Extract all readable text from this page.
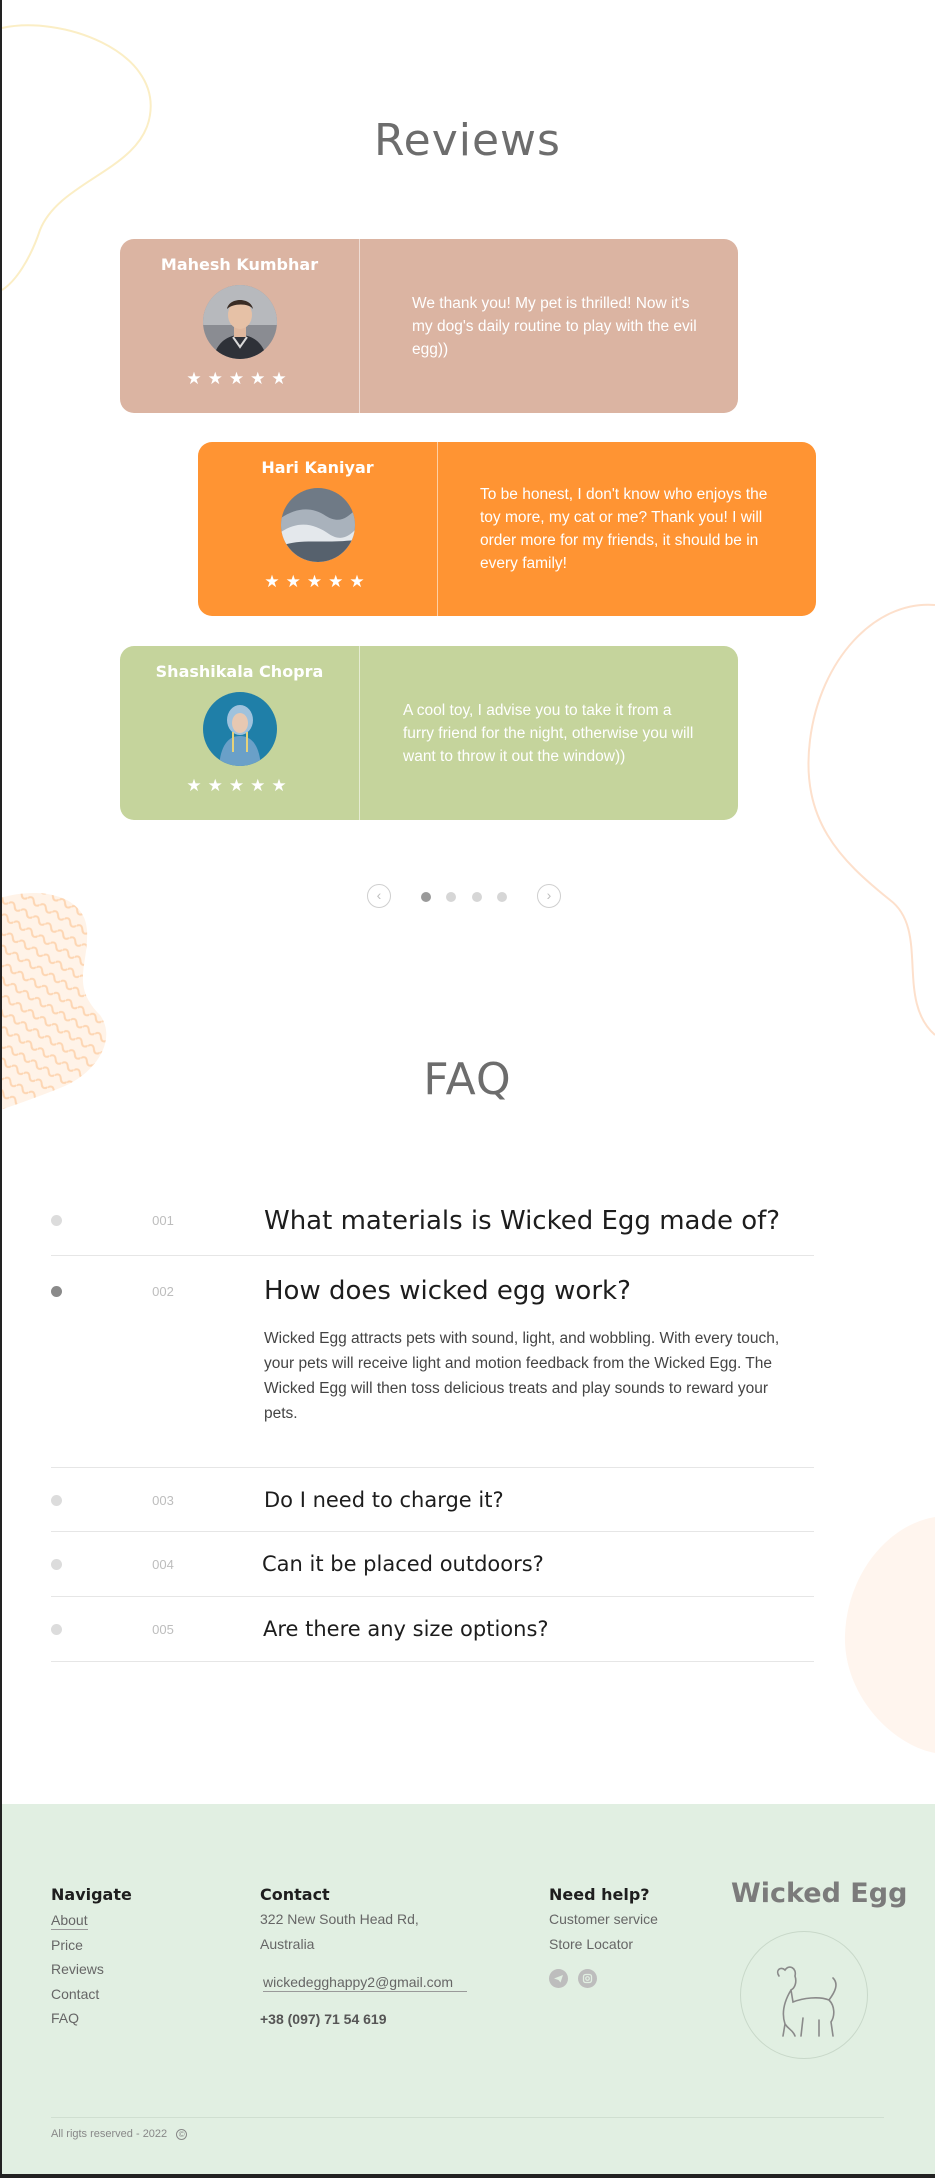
Reviews
Mahesh Kumbhar
★★★★★
We thank you! My pet is thrilled! Now it's my dog's daily routine to play with the evil egg))
Hari Kaniyar
★★★★★
To be honest, I don't know who enjoys the toy more, my cat or me? Thank you! I will order more for my friends, it should be in every family!
Shashikala Chopra
★★★★★
A cool toy, I advise you to take it from a furry friend for the night, otherwise you will want to throw it out the window))
‹	›
FAQ
001	What materials is Wicked Egg made of?
002	How does wicked egg work?
Wicked Egg attracts pets with sound, light, and wobbling. With every touch, your pets will receive light and motion feedback from the Wicked Egg. The Wicked Egg will then toss delicious treats and play sounds to reward your pets.
003	Do I need to charge it?
004	Can it be placed outdoors?
005	Are there any size options?
Navigate
About
Price
Reviews
Contact
FAQ
Contact
322 New South Head Rd,
Australia
wickedegghappy2@gmail.com
+38 (097) 71 54 619
Need help?
Customer service
Store Locator
Wicked Egg
All rigts reserved - 2022 ©
